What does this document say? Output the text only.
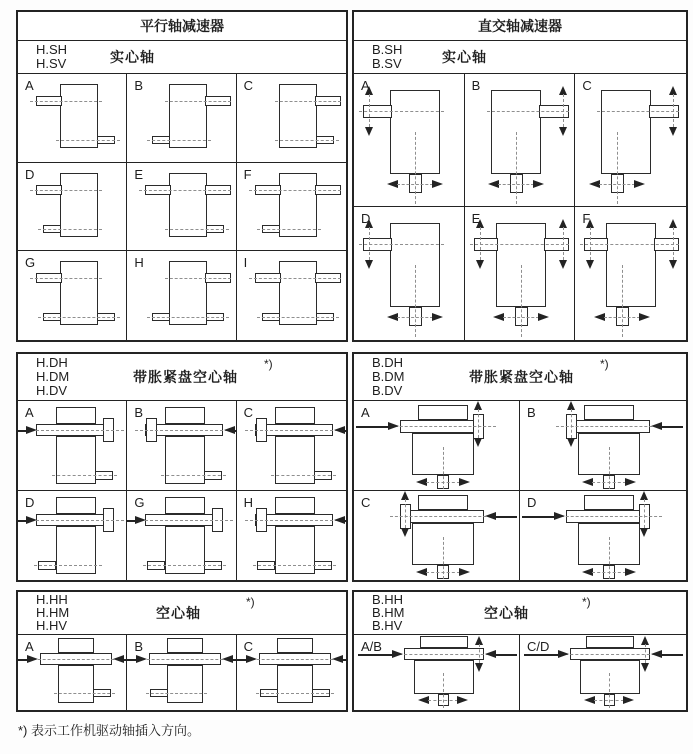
平行轴减速器
H.SH
H.SV	实心轴
A	B	C
D	E	F
G	H	I
直交轴减速器
B.SH
B.SV	实心轴
A	B	C
D	E	F
H.DH
H.DM
H.DV
带胀紧盘空心轴
*)
A	B	C
D	G	H
B.DH
B.DM
B.DV
带胀紧盘空心轴
*)
A	B
C	D
H.HH
H.HM
H.HV
空心轴
*)
A	B	C
B.HH
B.HM
B.HV
空心轴
*)
A/B	C/D
*) 表示工作机驱动轴插入方向。
